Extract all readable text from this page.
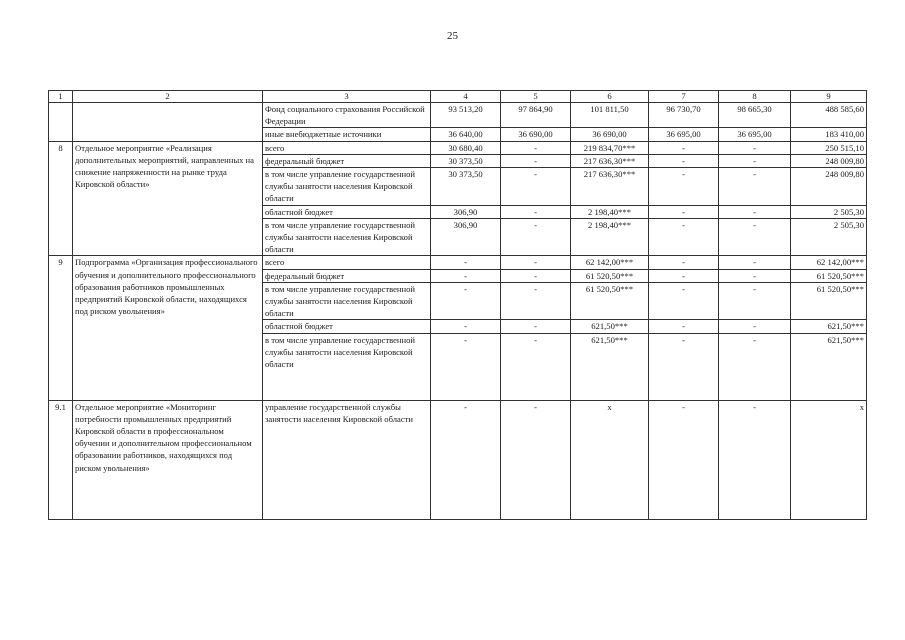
25
1	2	3	4	5	6	7	8	9
		Фонд социального страхования Российской Федерации	93 513,20	97 864,90	101 811,50	96 730,70	98 665,30	488 585,60
		иные внебюджетные источники	36 640,00	36 690,00	36 690,00	36 695,00	36 695,00	183 410,00
8	Отдельное мероприятие «Реализация дополнительных мероприятий, направленных на снижение напряженности на рынке труда Кировской области»	всего	30 680,40	-	219 834,70***	-	-	250 515,10
		федеральный бюджет	30 373,50	-	217 636,30***	-	-	248 009,80
		в том числе управление государственной службы занятости населения Кировской области	30 373,50	-	217 636,30***	-	-	248 009,80
		областной бюджет	306,90	-	2 198,40***	-	-	2 505,30
		в том числе управление государственной службы занятости населения Кировской области	306,90	-	2 198,40***	-	-	2 505,30
9	Подпрограмма «Организация профессионального обучения и дополнительного профессионального образования работников промышленных предприятий Кировской области, находящихся под риском увольнения»	всего	-	-	62 142,00***	-	-	62 142,00***
		федеральный бюджет	-	-	61 520,50***	-	-	61 520,50***
		в том числе управление государственной службы занятости населения Кировской области	-	-	61 520,50***	-	-	61 520,50***
		областной бюджет	-	-	621,50***	-	-	621,50***
		в том числе управление государственной службы занятости населения Кировской области	-	-	621,50***	-	-	621,50***
9.1	Отдельное мероприятие «Мониторинг потребности промышленных предприятий Кировской области в профессиональном обучении и дополнительном профессиональном образовании работников, находящихся под риском увольнения»	управление государственной службы занятости населения Кировской области	-	-	x	-	-	x
